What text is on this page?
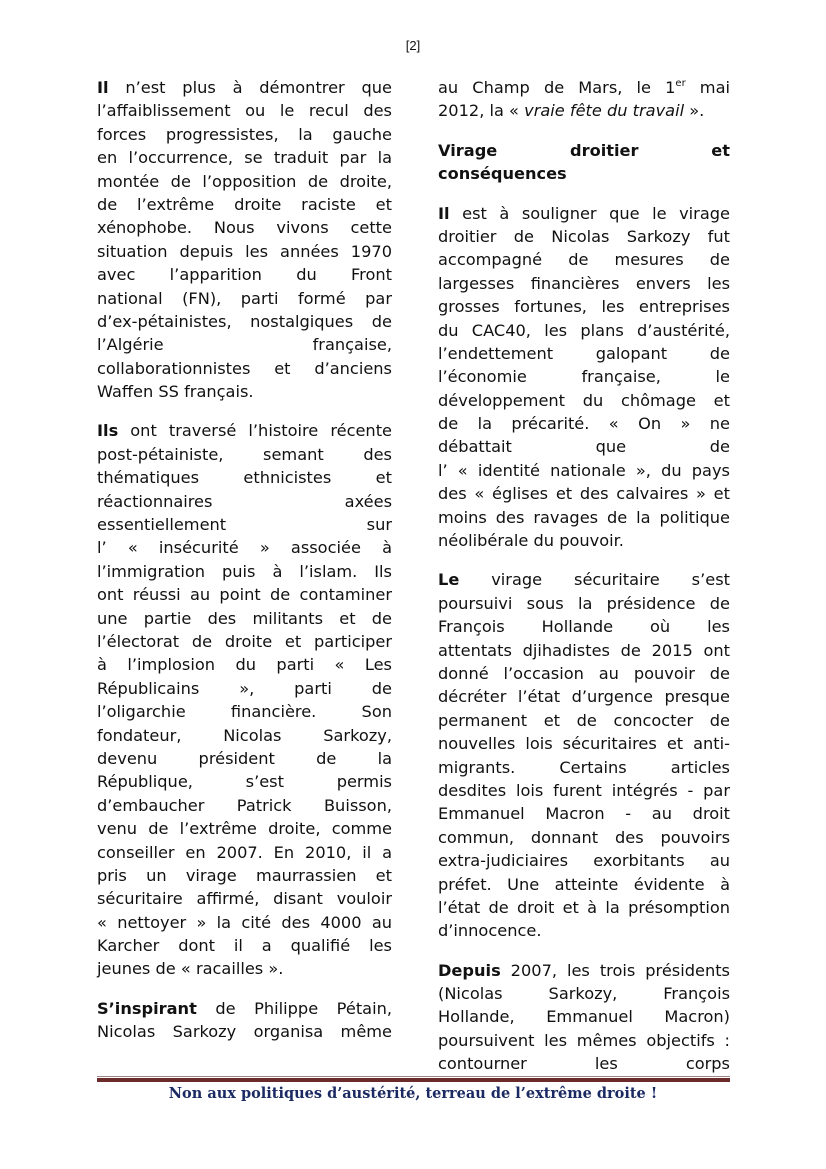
[2]
Il n’est plus à démontrer que
l’affaiblissement ou le recul des
forces progressistes, la gauche
en l’occurrence, se traduit par la
montée de l’opposition de droite,
de l’extrême droite raciste et
xénophobe. Nous vivons cette
situation depuis les années 1970
avec l’apparition du Front
national (FN), parti formé par
d’ex-pétainistes, nostalgiques de
l’Algérie française,
collaborationnistes et d’anciens
Waffen SS français.
Ils ont traversé l’histoire récente
post-pétainiste, semant des
thématiques ethnicistes et
réactionnaires axées
essentiellement sur
l’ « insécurité » associée à
l’immigration puis à l’islam. Ils
ont réussi au point de contaminer
une partie des militants et de
l’électorat de droite et participer
à l’implosion du parti « Les
Républicains », parti de
l’oligarchie financière. Son
fondateur, Nicolas Sarkozy,
devenu président de la
République, s’est permis
d’embaucher Patrick Buisson,
venu de l’extrême droite, comme
conseiller en 2007. En 2010, il a
pris un virage maurrassien et
sécuritaire affirmé, disant vouloir
« nettoyer » la cité des 4000 au
Karcher dont il a qualifié les
jeunes de « racailles ».
S’inspirant de Philippe Pétain,
Nicolas Sarkozy organisa même
au Champ de Mars, le 1er mai
2012, la « vraie fête du travail ».
Virage droitier et
conséquences
Il est à souligner que le virage
droitier de Nicolas Sarkozy fut
accompagné de mesures de
largesses financières envers les
grosses fortunes, les entreprises
du CAC40, les plans d’austérité,
l’endettement galopant de
l’économie française, le
développement du chômage et
de la précarité. « On » ne
débattait que de
l’ « identité nationale », du pays
des « églises et des calvaires » et
moins des ravages de la politique
néolibérale du pouvoir.
Le virage sécuritaire s’est
poursuivi sous la présidence de
François Hollande où les
attentats djihadistes de 2015 ont
donné l’occasion au pouvoir de
décréter l’état d’urgence presque
permanent et de concocter de
nouvelles lois sécuritaires et anti-
migrants. Certains articles
desdites lois furent intégrés - par
Emmanuel Macron - au droit
commun, donnant des pouvoirs
extra-judiciaires exorbitants au
préfet. Une atteinte évidente à
l’état de droit et à la présomption
d’innocence.
Depuis 2007, les trois présidents
(Nicolas Sarkozy, François
Hollande, Emmanuel Macron)
poursuivent les mêmes objectifs :
contourner les corps
Non aux politiques d’austérité, terreau de l’extrême droite !
